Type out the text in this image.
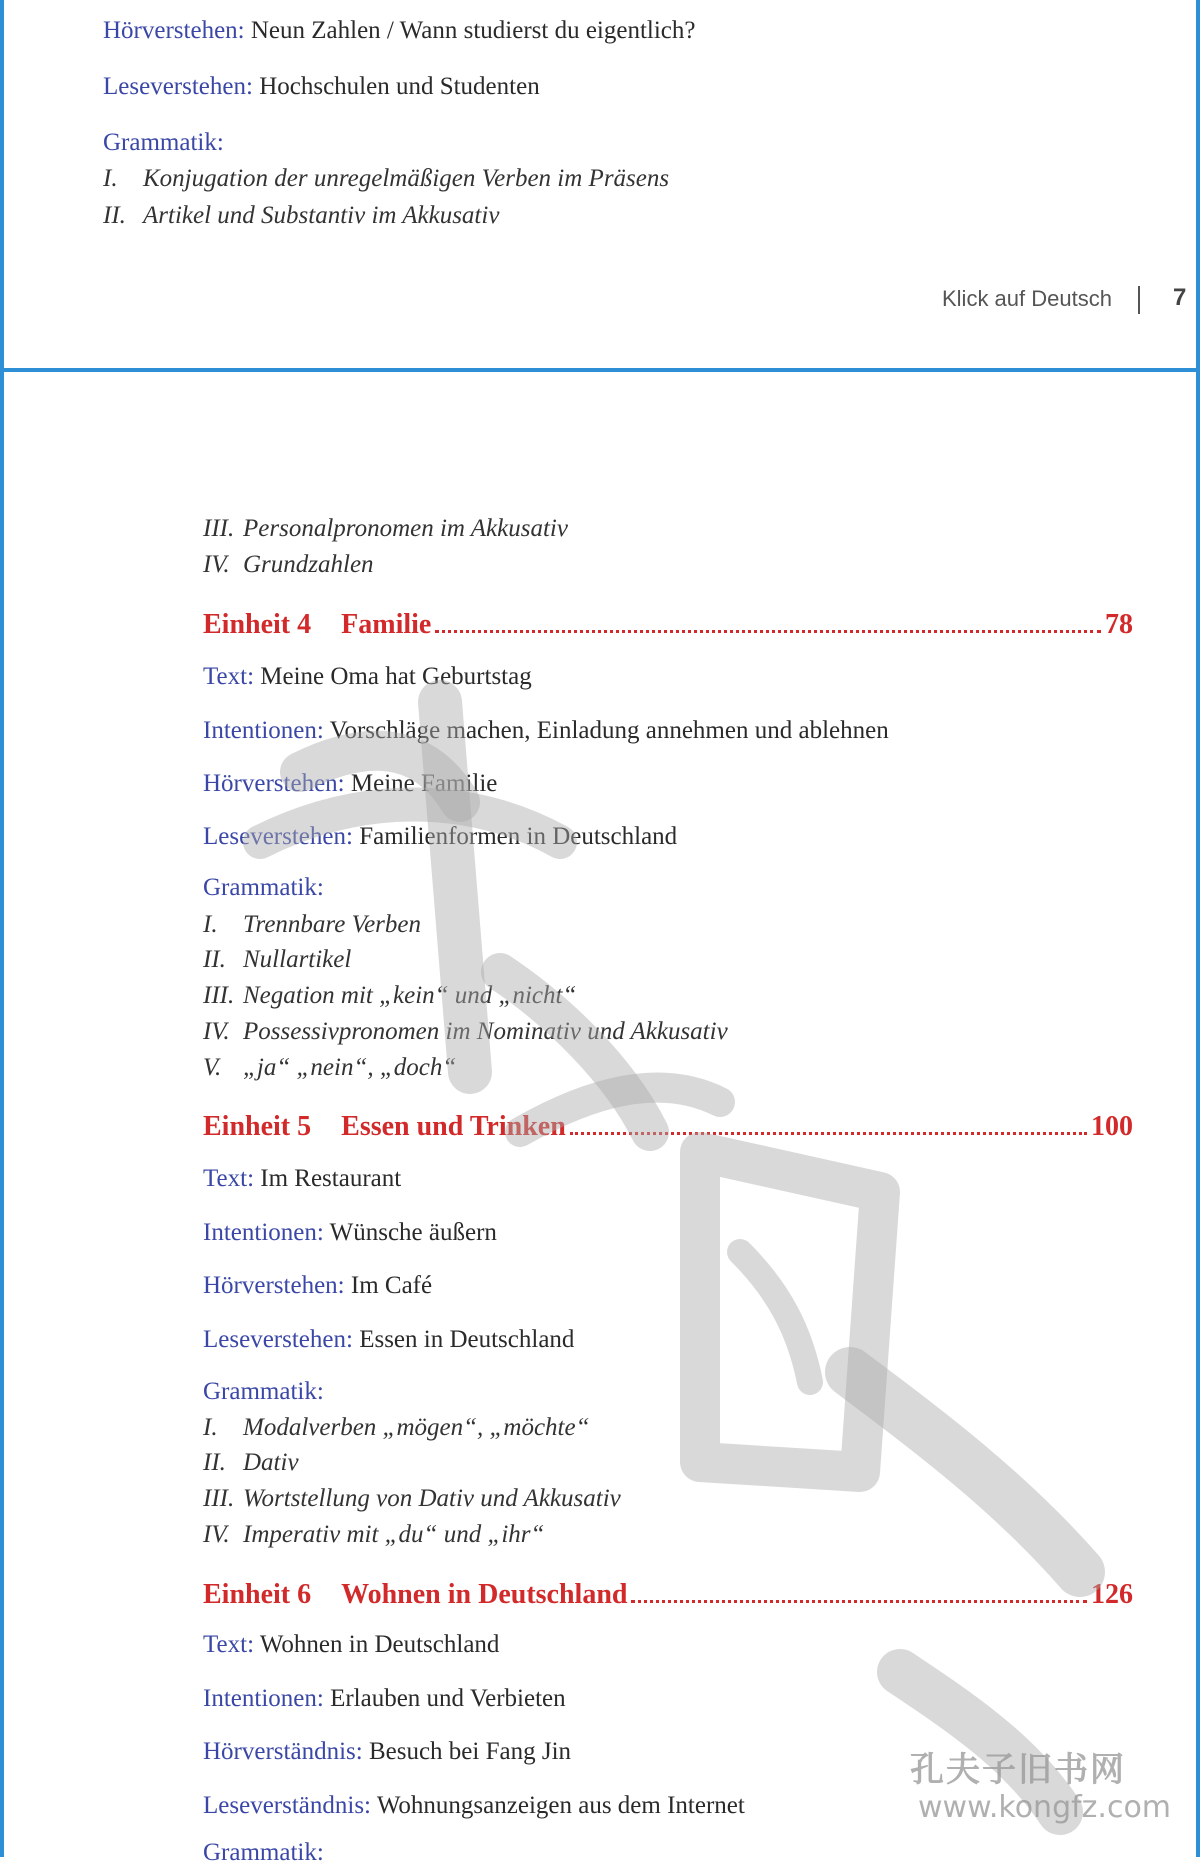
Hörverstehen: Neun Zahlen / Wann studierst du eigentlich?
Leseverstehen: Hochschulen und Studenten
Grammatik:
I. Konjugation der unregelmäßigen Verben im Präsens
II. Artikel und Substantiv im Akkusativ
Klick auf Deutsch	7
III. Personalpronomen im Akkusativ
IV. Grundzahlen
Einheit 4 Familie	78
Text: Meine Oma hat Geburtstag
Intentionen: Vorschläge machen, Einladung annehmen und ablehnen
Hörverstehen: Meine Familie
Leseverstehen: Familienformen in Deutschland
Grammatik:
I. Trennbare Verben
II. Nullartikel
III. Negation mit „kein“ und „nicht“
IV. Possessivpronomen im Nominativ und Akkusativ
V. „ja“ „nein“, „doch“
Einheit 5 Essen und Trinken	100
Text: Im Restaurant
Intentionen: Wünsche äußern
Hörverstehen: Im Café
Leseverstehen: Essen in Deutschland
Grammatik:
I. Modalverben „mögen“, „möchte“
II. Dativ
III. Wortstellung von Dativ und Akkusativ
IV. Imperativ mit „du“ und „ihr“
Einheit 6 Wohnen in Deutschland	126
Text: Wohnen in Deutschland
Intentionen: Erlauben und Verbieten
Hörverständnis: Besuch bei Fang Jin
Leseverständnis: Wohnungsanzeigen aus dem Internet
Grammatik:
孔夫子旧书网
www.kongfz.com
